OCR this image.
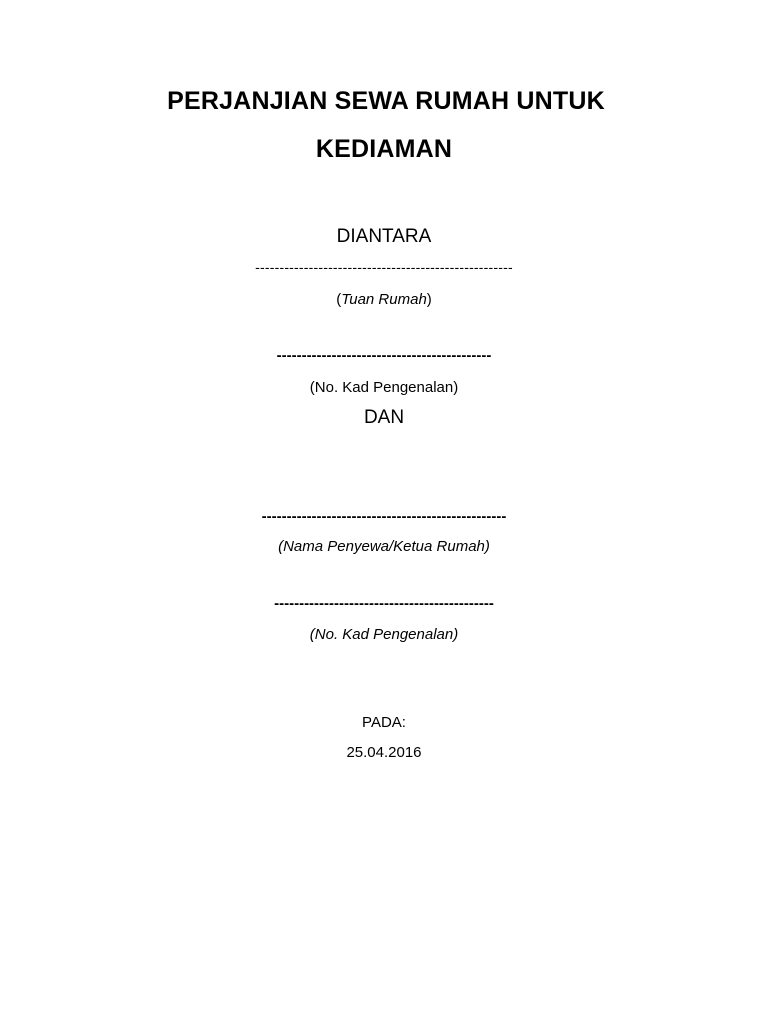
PERJANJIAN SEWA RUMAH UNTUK
KEDIAMAN
DIANTARA
-----------------------------------------------------
(Tuan Rumah)
-------------------------------------------
(No. Kad Pengenalan)
DAN
-------------------------------------------------
(Nama Penyewa/Ketua Rumah)
--------------------------------------------
(No. Kad Pengenalan)
PADA:
25.04.2016
